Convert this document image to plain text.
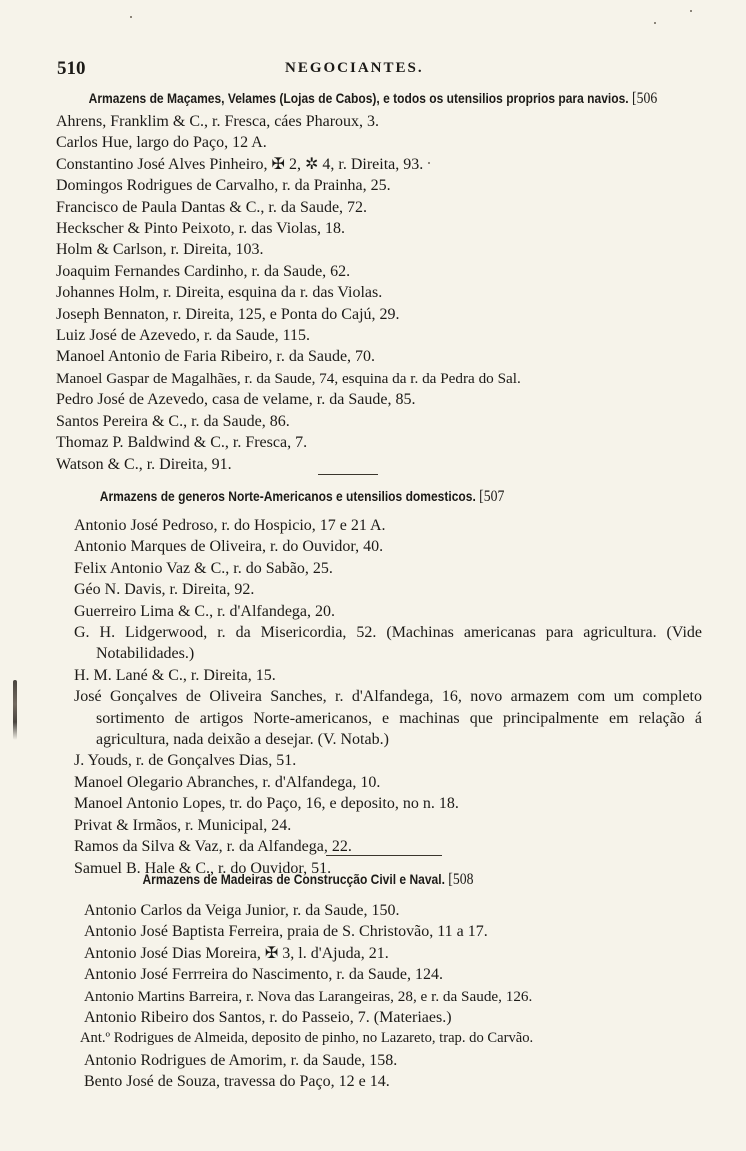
510	NEGOCIANTES.
Armazens de Maçames, Velames (Lojas de Cabos), e todos os utensilios proprios para navios. [506
Ahrens, Franklim & C., r. Fresca, cáes Pharoux, 3.
Carlos Hue, largo do Paço, 12 A.
Constantino José Alves Pinheiro, ✠ 2, ✲ 4, r. Direita, 93.
Domingos Rodrigues de Carvalho, r. da Prainha, 25.
Francisco de Paula Dantas & C., r. da Saude, 72.
Heckscher & Pinto Peixoto, r. das Violas, 18.
Holm & Carlson, r. Direita, 103.
Joaquim Fernandes Cardinho, r. da Saude, 62.
Johannes Holm, r. Direita, esquina da r. das Violas.
Joseph Bennaton, r. Direita, 125, e Ponta do Cajú, 29.
Luiz José de Azevedo, r. da Saude, 115.
Manoel Antonio de Faria Ribeiro, r. da Saude, 70.
Manoel Gaspar de Magalhães, r. da Saude, 74, esquina da r. da Pedra do Sal.
Pedro José de Azevedo, casa de velame, r. da Saude, 85.
Santos Pereira & C., r. da Saude, 86.
Thomaz P. Baldwind & C., r. Fresca, 7.
Watson & C., r. Direita, 91.
Armazens de generos Norte-Americanos e utensilios domesticos. [507
Antonio José Pedroso, r. do Hospicio, 17 e 21 A.
Antonio Marques de Oliveira, r. do Ouvidor, 40.
Felix Antonio Vaz & C., r. do Sabão, 25.
Géo N. Davis, r. Direita, 92.
Guerreiro Lima & C., r. d'Alfandega, 20.
G. H. Lidgerwood, r. da Misericordia, 52. (Machinas americanas para agricultura. (Vide Notabilidades.)
H. M. Lané & C., r. Direita, 15.
José Gonçalves de Oliveira Sanches, r. d'Alfandega, 16, novo armazem com um completo sortimento de artigos Norte-americanos, e machinas que principalmente em relação á agricultura, nada deixão a desejar. (V. Notab.)
J. Youds, r. de Gonçalves Dias, 51.
Manoel Olegario Abranches, r. d'Alfandega, 10.
Manoel Antonio Lopes, tr. do Paço, 16, e deposito, no n. 18.
Privat & Irmãos, r. Municipal, 24.
Ramos da Silva & Vaz, r. da Alfandega, 22.
Samuel B. Hale & C., r. do Ouvidor, 51.
Armazens de Madeiras de Construcção Civil e Naval. [508
Antonio Carlos da Veiga Junior, r. da Saude, 150.
Antonio José Baptista Ferreira, praia de S. Christovão, 11 a 17.
Antonio José Dias Moreira, ✠ 3, l. d'Ajuda, 21.
Antonio José Ferrreira do Nascimento, r. da Saude, 124.
Antonio Martins Barreira, r. Nova das Larangeiras, 28, e r. da Saude, 126.
Antonio Ribeiro dos Santos, r. do Passeio, 7. (Materiaes.)
Ant.º Rodrigues de Almeida, deposito de pinho, no Lazareto, trap. do Carvão.
Antonio Rodrigues de Amorim, r. da Saude, 158.
Bento José de Souza, travessa do Paço, 12 e 14.
